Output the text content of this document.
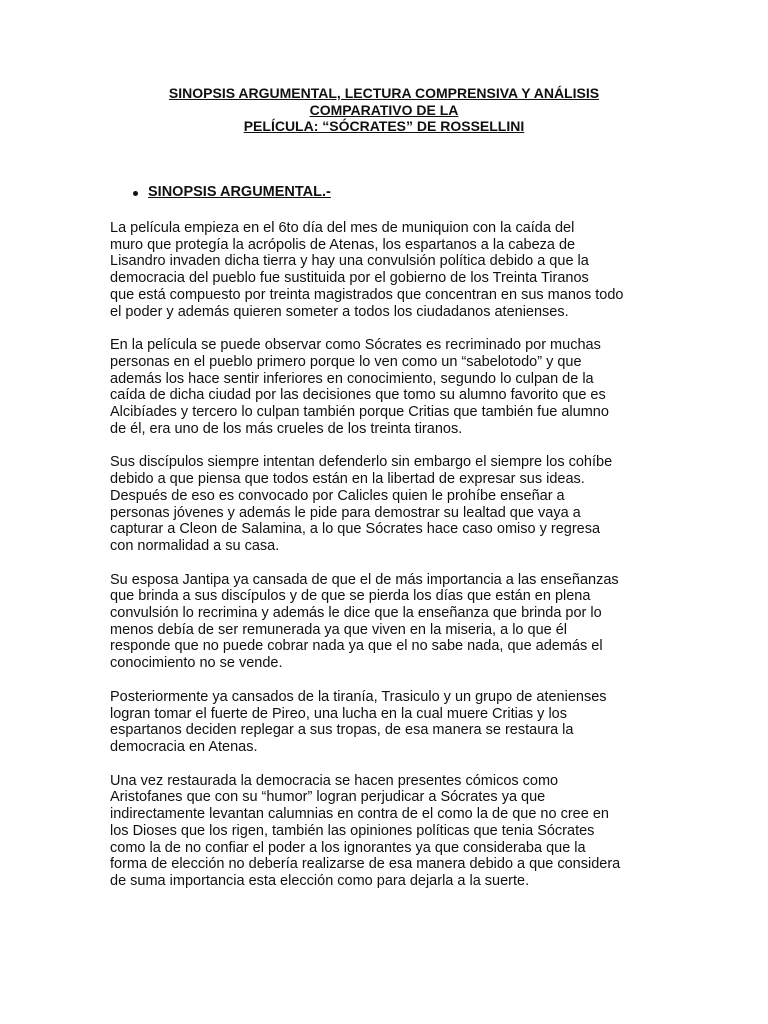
SINOPSIS ARGUMENTAL, LECTURA COMPRENSIVA Y ANÁLISIS
COMPARATIVO DE LA
PELÍCULA: “SÓCRATES” DE ROSSELLINI
SINOPSIS ARGUMENTAL.-

La película empieza en el 6to día del mes de muniquion con la caída del
muro que protegía la acrópolis de Atenas, los espartanos a la cabeza de
Lisandro invaden dicha tierra y hay una convulsión política debido a que la
democracia del pueblo fue sustituida por el gobierno de los Treinta Tiranos
que está compuesto por treinta magistrados que concentran en sus manos todo
el poder y además quieren someter a todos los ciudadanos atenienses.

En la película se puede observar como Sócrates es recriminado por muchas
personas en el pueblo primero porque lo ven como un “sabelotodo” y que
además los hace sentir inferiores en conocimiento, segundo lo culpan de la
caída de dicha ciudad por las decisiones que tomo su alumno favorito que es
Alcibíades y tercero lo culpan también porque Critias que también fue alumno
de él, era uno de los más crueles de los treinta tiranos.

Sus discípulos siempre intentan defenderlo sin embargo el siempre los cohíbe
debido a que piensa que todos están en la libertad de expresar sus ideas.
Después de eso es convocado por Calicles quien le prohíbe enseñar a
personas jóvenes y además le pide para demostrar su lealtad que vaya a
capturar a Cleon de Salamina, a lo que Sócrates hace caso omiso y regresa
con normalidad a su casa.

Su esposa Jantipa ya cansada de que el de más importancia a las enseñanzas
que brinda a sus discípulos y de que se pierda los días que están en plena
convulsión lo recrimina y además le dice que la enseñanza que brinda por lo
menos debía de ser remunerada ya que viven en la miseria, a lo que él
responde que no puede cobrar nada ya que el no sabe nada, que además el
conocimiento no se vende.

Posteriormente ya cansados de la tiranía, Trasiculo y un grupo de atenienses
logran tomar el fuerte de Pireo, una lucha en la cual muere Critias y los
espartanos deciden replegar a sus tropas, de esa manera se restaura la
democracia en Atenas.

Una vez restaurada la democracia se hacen presentes cómicos como
Aristofanes que con su “humor” logran perjudicar a Sócrates ya que
indirectamente levantan calumnias en contra de el como la de que no cree en
los Dioses que los rigen, también las opiniones políticas que tenia Sócrates
como la de no confiar el poder a los ignorantes ya que consideraba que la
forma de elección no debería realizarse de esa manera debido a que considera
de suma importancia esta elección como para dejarla a la suerte.
